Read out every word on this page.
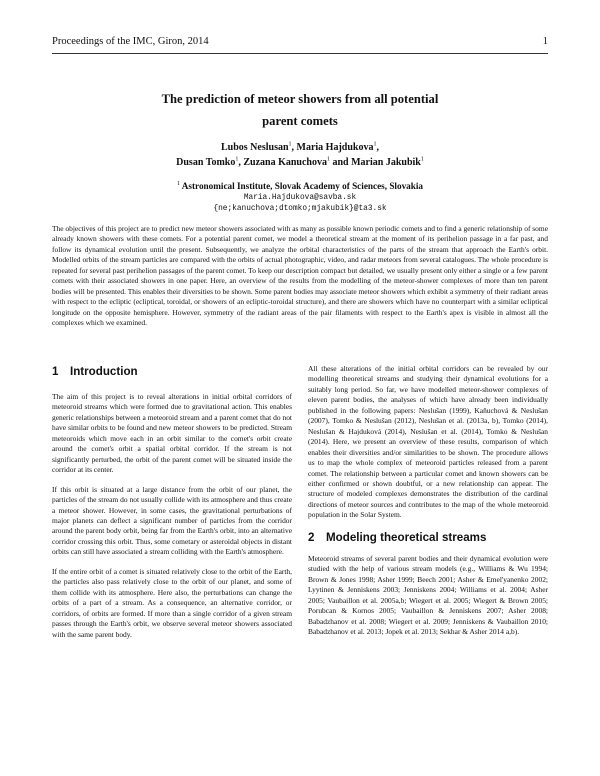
Proceedings of the IMC, Giron, 2014	1
The prediction of meteor showers from all potential
parent comets
Lubos Neslusan$^1$, Maria Hajdukova$^1$,
Dusan Tomko$^1$, Zuzana Kanuchova$^1$ and Marian Jakubik$^1$
$^1$ Astronomical Institute, Slovak Academy of Sciences, Slovakia
Maria.Hajdukova@savba.sk
{ne;kanuchova;dtomko;mjakubik}@ta3.sk
The objectives of this project are to predict new meteor showers associated with as many as possible known periodic comets and to find a generic relationship of some already known showers with these comets. For a potential parent comet, we model a theoretical stream at the moment of its perihelion passage in a far past, and follow its dynamical evolution until the present. Subsequently, we analyze the orbital characteristics of the parts of the stream that approach the Earth's orbit. Modelled orbits of the stream particles are compared with the orbits of actual photographic, video, and radar meteors from several catalogues. The whole procedure is repeated for several past perihelion passages of the parent comet. To keep our description compact but detailed, we usually present only either a single or a few parent comets with their associated showers in one paper. Here, an overview of the results from the modelling of the meteor-shower complexes of more than ten parent bodies will be presented. This enables their diversities to be shown. Some parent bodies may associate meteor showers which exhibit a symmetry of their radiant areas with respect to the ecliptic (ecliptical, toroidal, or showers of an ecliptic-toroidal structure), and there are showers which have no counterpart with a similar ecliptical longitude on the opposite hemisphere. However, symmetry of the radiant areas of the pair filaments with respect to the Earth's apex is visible in almost all the complexes which we examined.
1 Introduction

The aim of this project is to reveal alterations in initial orbital corridors of meteoroid streams which were formed due to gravitational action. This enables generic relationships between a meteoroid stream and a parent comet that do not have similar orbits to be found and new meteor showers to be predicted. Stream meteoroids which move each in an orbit similar to the comet's orbit create around the comet's orbit a spatial orbital corridor. If the stream is not significantly perturbed, the orbit of the parent comet will be situated inside the corridor at its center.

If this orbit is situated at a large distance from the orbit of our planet, the particles of the stream do not usually collide with its atmosphere and thus create a meteor shower. However, in some cases, the gravitational perturbations of major planets can deflect a significant number of particles from the corridor around the parent body orbit, being far from the Earth's orbit, into an alternative corridor crossing this orbit. Thus, some cometary or asteroidal objects in distant orbits can still have associated a stream colliding with the Earth's atmosphere.

If the entire orbit of a comet is situated relatively close to the orbit of the Earth, the particles also pass relatively close to the orbit of our planet, and some of them collide with its atmosphere. Here also, the perturbations can change the orbits of a part of a stream. As a consequence, an alternative corridor, or corridors, of orbits are formed. If more than a single corridor of a given stream passes through the Earth's orbit, we observe several meteor showers associated with the same parent body.

All these alterations of the initial orbital corridors can be revealed by our modelling theoretical streams and studying their dynamical evolutions for a suitably long period. So far, we have modelled meteor-shower complexes of eleven parent bodies, the analyses of which have already been individually published in the following papers: Neslušan (1999), Kaňuchová & Neslušan (2007), Tomko & Neslušan (2012), Neslušan et al. (2013a, b), Tomko (2014), Neslušan & Hajduková (2014), Neslušan et al. (2014), Tomko & Neslušan (2014). Here, we present an overview of these results, comparison of which enables their diversities and/or similarities to be shown. The procedure allows us to map the whole complex of meteoroid particles released from a parent comet. The relationship between a particular comet and known showers can be either confirmed or shown doubtful, or a new relationship can appear. The structure of modeled complexes demonstrates the distribution of the cardinal directions of meteor sources and contributes to the map of the whole meteoroid population in the Solar System.

2 Modeling theoretical streams

Meteoroid streams of several parent bodies and their dynamical evolution were studied with the help of various stream models (e.g., Williams & Wu 1994; Brown & Jones 1998; Asher 1999; Beech 2001; Asher & Emel'yanenko 2002; Lyytinen & Jenniskens 2003; Jenniskens 2004; Williams et al. 2004; Asher 2005; Vaubaillon et al. 2005a,b; Wiegert et al. 2005; Wiegert & Brown 2005; Porubcan & Kornos 2005; Vaubaillon & Jenniskens 2007; Asher 2008; Babadzhanov et al. 2008; Wiegert et al. 2009; Jenniskens & Vaubaillon 2010; Babadzhanov et al. 2013; Jopek et al. 2013; Sekhar & Asher 2014 a,b).
